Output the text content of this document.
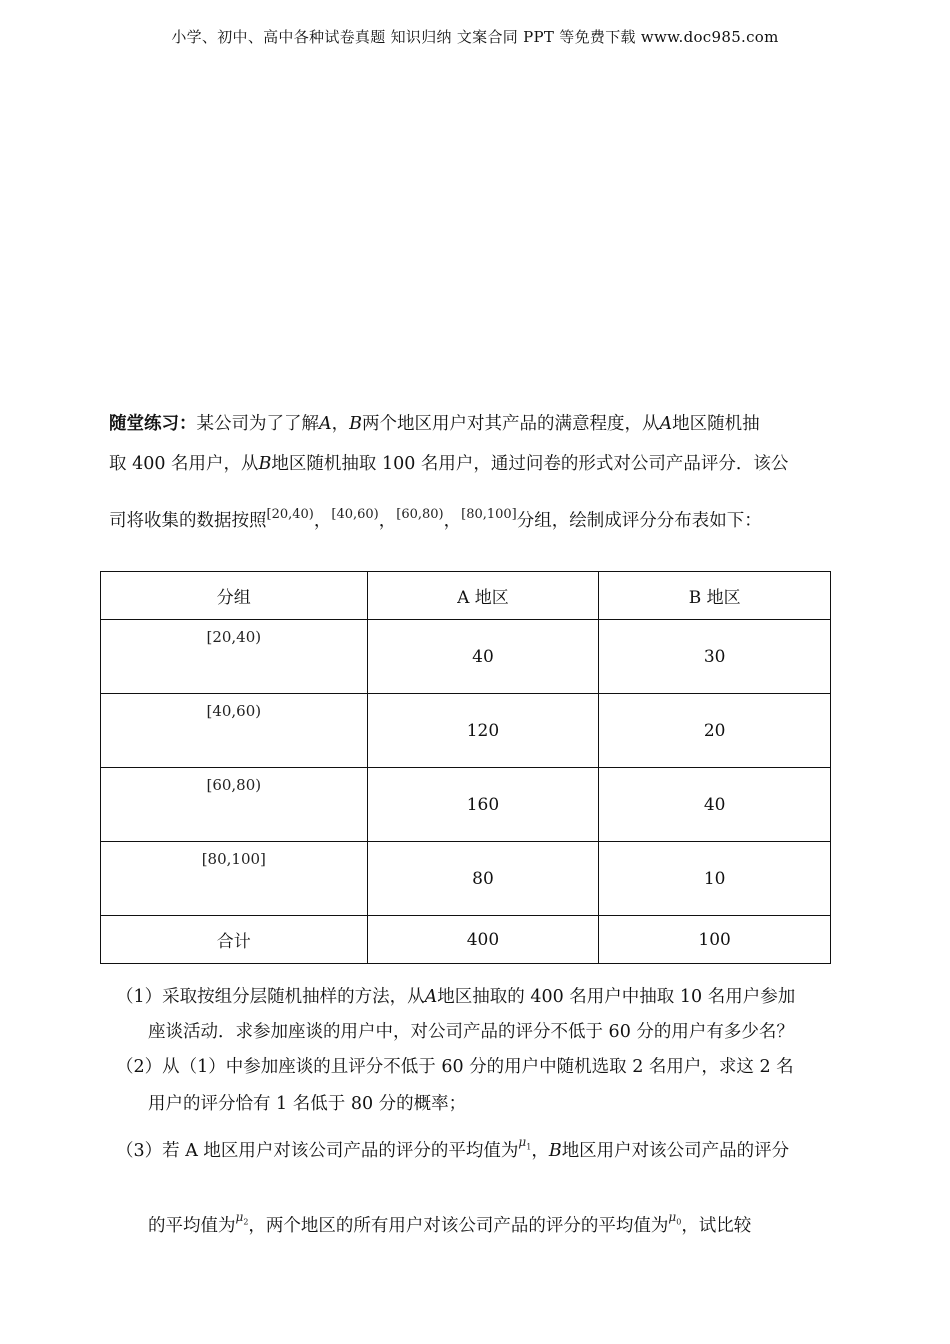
小学、初中、高中各种试卷真题 知识归纳 文案合同 PPT 等免费下载 www.doc985.com
随堂练习：某公司为了了解A，B两个地区用户对其产品的满意程度，从A地区随机抽
取 400 名用户，从B地区随机抽取 100 名用户，通过问卷的形式对公司产品评分．该公
司将收集的数据按照$^{[20,40)}$，$^{[40,60)}$，$^{[60,80)}$，[80,100]分组，绘制成评分分布表如下：
分组	A 地区	B 地区

[20,40)	40	30

[40,60)	120	20

[60,80)	160	40

[80,100]	80	10
合计	400	100
（1）采取按组分层随机抽样的方法，从A地区抽取的 400 名用户中抽取 10 名用户参加
座谈活动．求参加座谈的用户中，对公司产品的评分不低于 60 分的用户有多少名？
（2）从（1）中参加座谈的且评分不低于 60 分的用户中随机选取 2 名用户，求这 2 名
用户的评分恰有 1 名低于 80 分的概率；
（3）若 A 地区用户对该公司产品的评分的平均值为$^{\mu_1}$，B地区用户对该公司产品的评分
的平均值为$^{\mu_2}$，两个地区的所有用户对该公司产品的评分的平均值为$^{\mu_0}$，试比较
